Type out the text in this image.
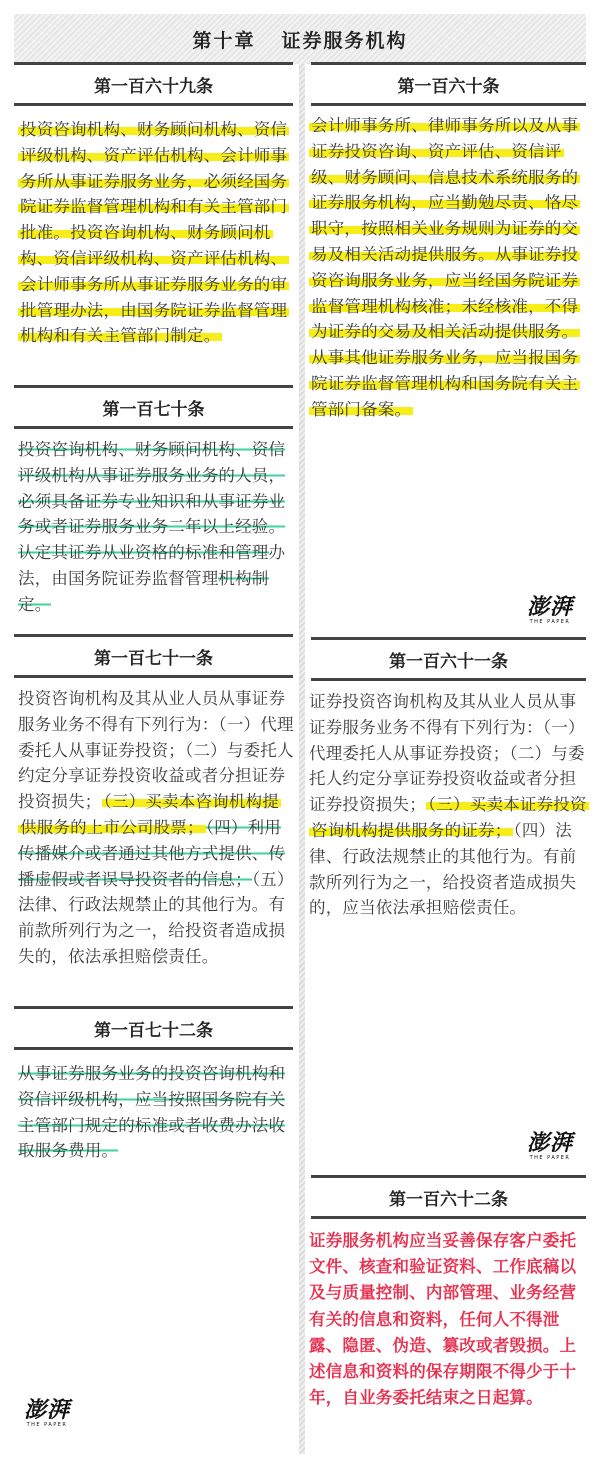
第十章 证券服务机构
第一百六十九条
投资咨询机构、财务顾问机构、资信评级机构、资产评估机构、会计师事务所从事证券服务业务，必须经国务院证券监督管理机构和有关主管部门批准。投资咨询机构、财务顾问机构、资信评级机构、资产评估机构、会计师事务所从事证券服务业务的审批管理办法，由国务院证券监督管理机构和有关主管部门制定。
第一百七十条
投资咨询机构、财务顾问机构、资信评级机构从事证券服务业务的人员，必须具备证券专业知识和从事证券业务或者证券服务业务二年以上经验。认定其证券从业资格的标准和管理办法，由国务院证券监督管理机构制定。
第一百七十一条
投资咨询机构及其从业人员从事证券服务业务不得有下列行为：（一）代理委托人从事证券投资；（二）与委托人约定分享证券投资收益或者分担证券投资损失； （三）买卖本咨询机构提供服务的上市公司股票； （四）利用传播媒介或者通过其他方式提供、传播虚假或者误导投资者的信息；（五）法律、行政法规禁止的其他行为。有前款所列行为之一，给投资者造成损失的，依法承担赔偿责任。
第一百七十二条
从事证券服务业务的投资咨询机构和资信评级机构，应当按照国务院有关主管部门规定的标准或者收费办法收取服务费用。
澎湃
THE PAPER
第一百六十条
会计师事务所、律师事务所以及从事证券投资咨询、资产评估、资信评级、财务顾问、信息技术系统服务的证券服务机构，应当勤勉尽责、恪尽职守，按照相关业务规则为证券的交易及相关活动提供服务。从事证券投资咨询服务业务，应当经国务院证券监督管理机构核准；未经核准，不得为证券的交易及相关活动提供服务。从事其他证券服务业务，应当报国务院证券监督管理机构和国务院有关主管部门备案。
澎湃
THE PAPER
第一百六十一条
证券投资咨询机构及其从业人员从事证券服务业务不得有下列行为：（一）代理委托人从事证券投资；（二）与委托人约定分享证券投资收益或者分担证券投资损失； （三）买卖本证券投资咨询机构提供服务的证券； （四）法律、行政法规禁止的其他行为。有前款所列行为之一，给投资者造成损失的，应当依法承担赔偿责任。
澎湃
THE PAPER
第一百六十二条
证券服务机构应当妥善保存客户委托文件、核查和验证资料、工作底稿以及与质量控制、内部管理、业务经营有关的信息和资料，任何人不得泄露、隐匿、伪造、篡改或者毁损。上述信息和资料的保存期限不得少于十年，自业务委托结束之日起算。
